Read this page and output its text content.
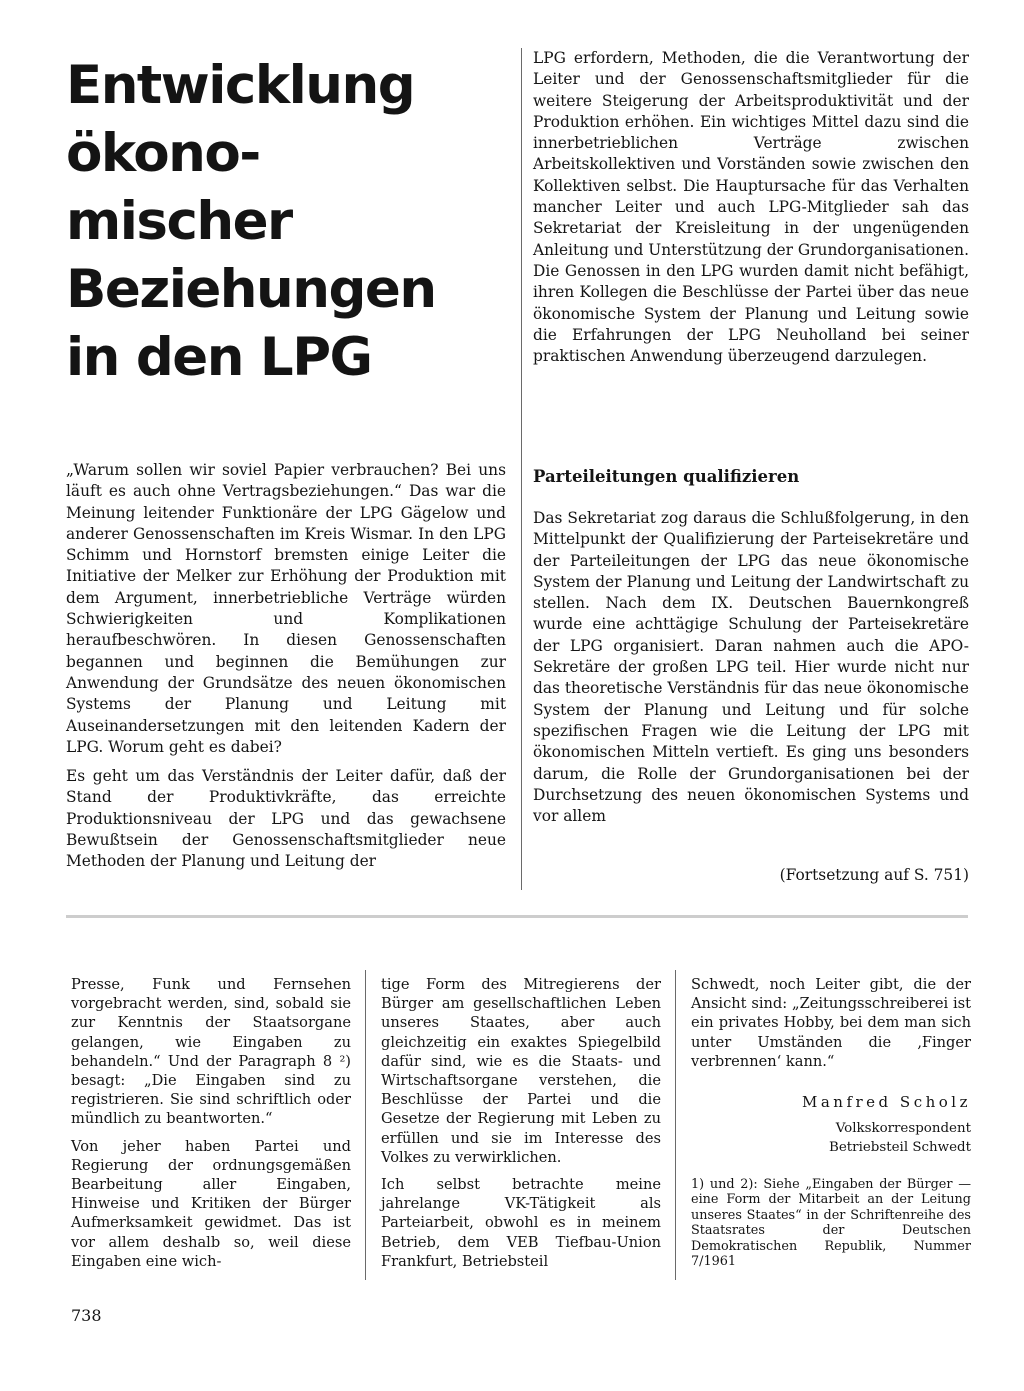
Entwicklung
ökono-
mischer
Beziehungen
in den LPG

„Warum sollen wir soviel Papier verbrauchen? Bei uns läuft es auch ohne Vertragsbeziehungen.“ Das war die Meinung leitender Funktionäre der LPG Gägelow und anderer Genossenschaften im Kreis Wismar. In den LPG Schimm und Hornstorf bremsten einige Leiter die Initiative der Melker zur Erhöhung der Produktion mit dem Argument, innerbetriebliche Verträge würden Schwierigkeiten und Komplikationen heraufbeschwören. In diesen Genossenschaften begannen und beginnen die Bemühungen zur Anwendung der Grundsätze des neuen ökonomischen Systems der Planung und Leitung mit Auseinandersetzungen mit den leitenden Kadern der LPG. Worum geht es dabei?

Es geht um das Verständnis der Leiter dafür, daß der Stand der Produktivkräfte, das erreichte Produktionsniveau der LPG und das gewachsene Bewußtsein der Genossenschaftsmitglieder neue Methoden der Planung und Leitung der

LPG erfordern, Methoden, die die Verantwortung der Leiter und der Genossenschaftsmitglieder für die weitere Steigerung der Arbeitsproduktivität und der Produktion erhöhen. Ein wichtiges Mittel dazu sind die innerbetrieblichen Verträge zwischen Arbeitskollektiven und Vorständen sowie zwischen den Kollektiven selbst. Die Hauptursache für das Verhalten mancher Leiter und auch LPG-Mitglieder sah das Sekretariat der Kreisleitung in der ungenügenden Anleitung und Unterstützung der Grundorganisationen. Die Genossen in den LPG wurden damit nicht befähigt, ihren Kollegen die Beschlüsse der Partei über das neue ökonomische System der Planung und Leitung sowie die Erfahrungen der LPG Neuholland bei seiner praktischen Anwendung überzeugend darzulegen.

Parteileitungen qualifizieren

Das Sekretariat zog daraus die Schlußfolgerung, in den Mittelpunkt der Qualifizierung der Parteisekretäre und der Parteileitungen der LPG das neue ökonomische System der Planung und Leitung der Landwirtschaft zu stellen. Nach dem IX. Deutschen Bauernkongreß wurde eine achttägige Schulung der Parteisekretäre der LPG organisiert. Daran nahmen auch die APO-Sekretäre der großen LPG teil. Hier wurde nicht nur das theoretische Verständnis für das neue ökonomische System der Planung und Leitung und für solche spezifischen Fragen wie die Leitung der LPG mit ökonomischen Mitteln vertieft. Es ging uns besonders darum, die Rolle der Grundorganisationen bei der Durchsetzung des neuen ökonomischen Systems und vor allem

(Fortsetzung auf S. 751)

Presse, Funk und Fernsehen vorgebracht werden, sind, sobald sie zur Kenntnis der Staatsorgane gelangen, wie Eingaben zu behandeln.“ Und der Paragraph 8 ²) besagt: „Die Eingaben sind zu registrieren. Sie sind schriftlich oder mündlich zu beantworten.“

Von jeher haben Partei und Regierung der ordnungsgemäßen Bearbeitung aller Eingaben, Hinweise und Kritiken der Bürger Aufmerksamkeit gewidmet. Das ist vor allem deshalb so, weil diese Eingaben eine wich-

tige Form des Mitregierens der Bürger am gesellschaftlichen Leben unseres Staates, aber auch gleichzeitig ein exaktes Spiegelbild dafür sind, wie es die Staats- und Wirtschaftsorgane verstehen, die Beschlüsse der Partei und die Gesetze der Regierung mit Leben zu erfüllen und sie im Interesse des Volkes zu verwirklichen.

Ich selbst betrachte meine jahrelange VK-Tätigkeit als Parteiarbeit, obwohl es in meinem Betrieb, dem VEB Tiefbau-Union Frankfurt, Betriebsteil

Schwedt, noch Leiter gibt, die der Ansicht sind: „Zeitungsschreiberei ist ein privates Hobby, bei dem man sich unter Umständen die ‚Finger verbrennen‘ kann.“
Manfred Scholz
Volkskorrespondent
Betriebsteil Schwedt
1) und 2): Siehe „Eingaben der Bürger — eine Form der Mitarbeit an der Leitung unseres Staates“ in der Schriftenreihe des Staatsrates der Deutschen Demokratischen Republik, Nummer 7/1961
738
